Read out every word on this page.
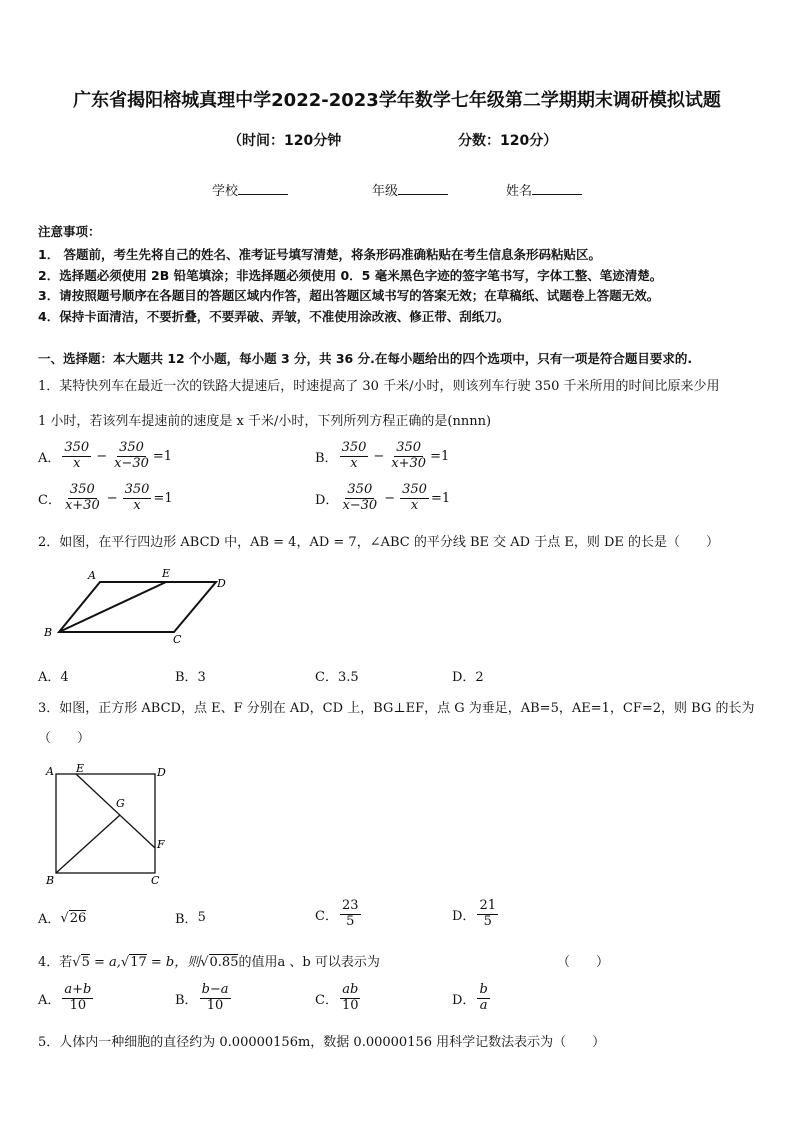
广东省揭阳榕城真理中学2022-2023学年数学七年级第二学期期末调研模拟试题
（时间：120分钟	分数：120分）
学校	年级	姓名
注意事项：
1． 答题前，考生先将自己的姓名、准考证号填写清楚，将条形码准确粘贴在考生信息条形码粘贴区。
2．选择题必须使用 2B 铅笔填涂；非选择题必须使用 0．5 毫米黑色字迹的签字笔书写，字体工整、笔迹清楚。
3．请按照题号顺序在各题目的答题区域内作答，超出答题区域书写的答案无效；在草稿纸、试题卷上答题无效。
4．保持卡面清洁，不要折叠，不要弄破、弄皱，不准使用涂改液、修正带、刮纸刀。
一、选择题：本大题共 12 个小题，每小题 3 分，共 36 分.在每小题给出的四个选项中，只有一项是符合题目要求的.
1．某特快列车在最近一次的铁路大提速后，时速提高了 30 千米/小时，则该列车行驶 350 千米所用的时间比原来少用
1 小时，若该列车提速前的速度是 x 千米/小时，下列所列方程正确的是(nnnn)
A． $\frac{350}{x} - \frac{350}{x-30} =1$	B． $\frac{350}{x} - \frac{350}{x+30} =1$
C． $\frac{350}{x+30} - \frac{350}{x} =1$	D． $\frac{350}{x-30} - \frac{350}{x} =1$
2．如图，在平行四边形 ABCD 中，AB = 4，AD = 7，∠ABC 的平分线 BE 交 AD 于点 E，则 DE 的长是（　　）
A	E
D
B
C
A．4	B．3	C．3.5	D．2
3．如图，正方形 ABCD，点 E、F 分别在 AD，CD 上，BG⊥EF，点 G 为垂足，AB=5，AE=1，CF=2，则 BG 的长为
（　　）
A E	D
G
F
B	C
A． √26	B． 5	C． $\frac{23}{5}$	D． $\frac{21}{5}$
4．若√5 = a,√17 = b，则√0.85的值用a 、b 可以表示为	（　　）
A． $\frac{a+b}{10}$	B． $\frac{b-a}{10}$	C． $\frac{ab}{10}$	D． $\frac{b}{a}$
5．人体内一种细胞的直径约为 0.00000156m，数据 0.00000156 用科学记数法表示为（　　）
